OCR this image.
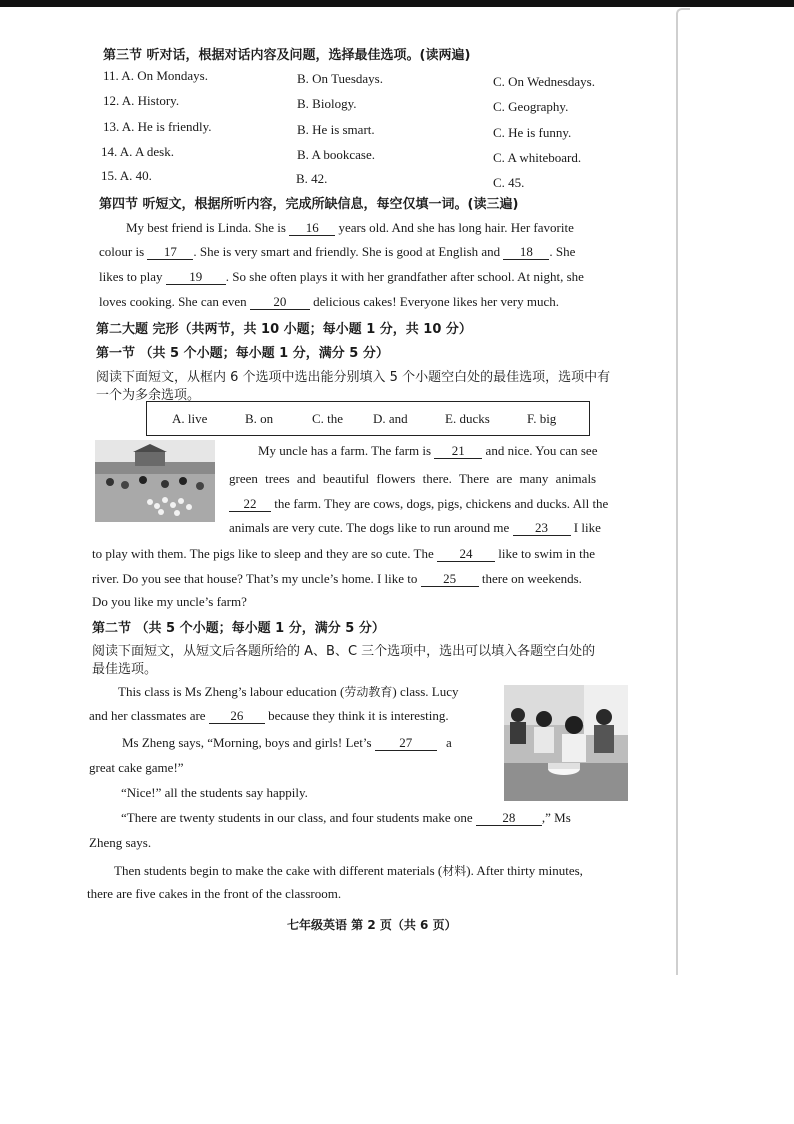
第三节 听对话，根据对话内容及问题，选择最佳选项。(读两遍)
11. A. On Mondays.	B. On Tuesdays.	C. On Wednesdays.
12. A. History.	B. Biology.	C. Geography.
13. A. He is friendly.	B. He is smart.	C. He is funny.
14. A. A desk.	B. A bookcase.	C. A whiteboard.
15. A. 40.	B. 42.	C. 45.
第四节 听短文，根据所听内容，完成所缺信息，每空仅填一词。(读三遍)
My best friend is Linda. She is 16 years old. And she has long hair. Her favorite
colour is 17 . She is very smart and friendly. She is good at English and 18 . She
likes to play 19 . So she often plays it with her grandfather after school. At night, she
loves cooking. She can even 20 delicious cakes! Everyone likes her very much.
第二大题 完形（共两节，共 10 小题；每小题 1 分，共 10 分）
第一节 （共 5 个小题；每小题 1 分，满分 5 分）
阅读下面短文，从框内 6 个选项中选出能分别填入 5 个小题空白处的最佳选项，选项中有
一个为多余选项。
A. live	B. on	C. the D. and	E. ducks	F. big
My uncle has a farm. The farm is 21 and nice. You can see
green trees and beautiful flowers there. There are many animals
22 the farm. They are cows, dogs, pigs, chickens and ducks. All the
animals are very cute. The dogs like to run around me 23 I like
to play with them. The pigs like to sleep and they are so cute. The 24 like to swim in the
river. Do you see that house? That’s my uncle’s home. I like to 25 there on weekends.
Do you like my uncle’s farm?
第二节 （共 5 个小题；每小题 1 分，满分 5 分）
阅读下面短文，从短文后各题所给的 A、B、C 三个选项中，选出可以填入各题空白处的
最佳选项。
This class is Ms Zheng’s labour education (劳动教育) class. Lucy
and her classmates are 26 because they think it is interesting.
Ms Zheng says, “Morning, boys and girls! Let’s 27	a
great cake game!”
“Nice!” all the students say happily.
“There are twenty students in our class, and four students make one 28 ,” Ms
Zheng says.
Then students begin to make the cake with different materials (材料). After thirty minutes,
there are five cakes in the front of the classroom.
七年级英语 第 2 页（共 6 页）
